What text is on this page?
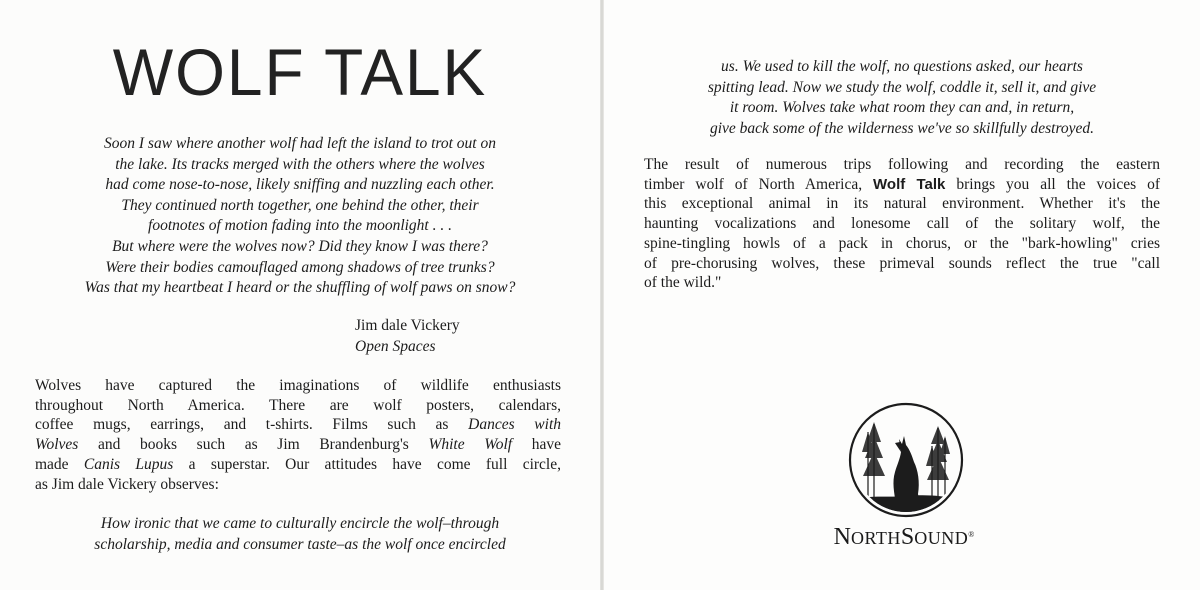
WOLF TALK
Soon I saw where another wolf had left the island to trot out on
the lake. Its tracks merged with the others where the wolves
had come nose-to-nose, likely sniffing and nuzzling each other.
They continued north together, one behind the other, their
footnotes of motion fading into the moonlight . . .
But where were the wolves now? Did they know I was there?
Were their bodies camouflaged among shadows of tree trunks?
Was that my heartbeat I heard or the shuffling of wolf paws on snow?
Jim dale Vickery
Open Spaces
Wolves have captured the imaginations of wildlife enthusiasts
throughout North America. There are wolf posters, calendars,
coffee mugs, earrings, and t-shirts. Films such as Dances with
Wolves and books such as Jim Brandenburg's White Wolf have
made Canis Lupus a superstar. Our attitudes have come full circle,
as Jim dale Vickery observes:
How ironic that we came to culturally encircle the wolf–through
scholarship, media and consumer taste–as the wolf once encircled
us. We used to kill the wolf, no questions asked, our hearts
spitting lead. Now we study the wolf, coddle it, sell it, and give
it room. Wolves take what room they can and, in return,
give back some of the wilderness we've so skillfully destroyed.
The result of numerous trips following and recording the eastern
timber wolf of North America, Wolf Talk brings you all the voices of
this exceptional animal in its natural environment. Whether it's the
haunting vocalizations and lonesome call of the solitary wolf, the
spine-tingling howls of a pack in chorus, or the "bark-howling" cries
of pre-chorusing wolves, these primeval sounds reflect the true "call
of the wild."
NORTHSOUND®
